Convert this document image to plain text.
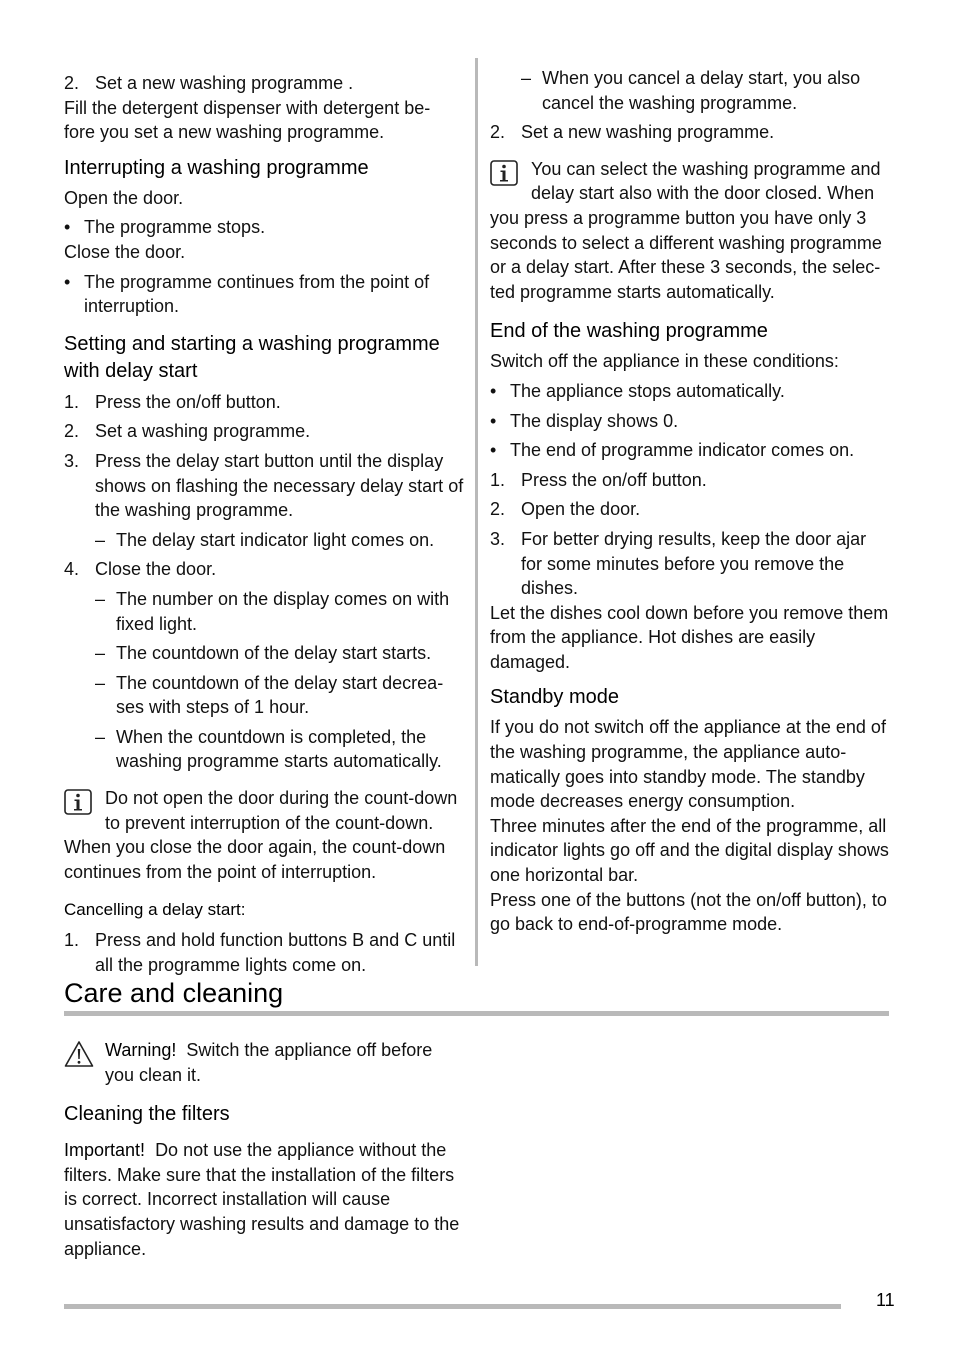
2. Set a new washing programme .

Fill the detergent dispenser with detergent be-
fore you set a new washing programme.

Interrupting a washing programme

Open the door.

• The programme stops.

Close the door.

• The programme continues from the point of interruption.
Setting and starting a washing programme with delay start
1. Press the on/off button.
2. Set a washing programme.
3. Press the delay start button until the display shows on flashing the necessary delay start of the washing programme.
– The delay start indicator light comes on.
4. Close the door.
– The number on the display comes on with fixed light.
– The countdown of the delay start starts.
– The countdown of the delay start decrea-ses with steps of 1 hour.
– When the countdown is completed, the washing programme starts automatically.
Do not open the door during the count-down to prevent interruption of the count-down. When you close the door again, the count-down continues from the point of interruption.
Cancelling a delay start:
1. Press and hold function buttons B and C until all the programme lights come on.
– When you cancel a delay start, you also cancel the washing programme.
2. Set a new washing programme.
You can select the washing programme and delay start also with the door closed. When you press a programme button you have only 3 seconds to select a different washing programme or a delay start. After these 3 seconds, the selec-ted programme starts automatically.
End of the washing programme

Switch off the appliance in these conditions:

• The appliance stops automatically.
• The display shows 0.
• The end of programme indicator comes on.
1. Press the on/off button.
2. Open the door.
3. For better drying results, keep the door ajar for some minutes before you remove the dishes.

Let the dishes cool down before you remove them from the appliance. Hot dishes are easily damaged.

Standby mode

If you do not switch off the appliance at the end of the washing programme, the appliance auto-matically goes into standby mode. The standby mode decreases energy consumption.

Three minutes after the end of the programme, all indicator lights go off and the digital display shows one horizontal bar.

Press one of the buttons (not the on/off button), to go back to end-of-programme mode.

Care and cleaning
Warning! Switch the appliance off before you clean it.
Cleaning the filters

Important! Do not use the appliance without the filters. Make sure that the installation of the filters is correct. Incorrect installation will cause unsatisfactory washing results and damage to the appliance.

11
